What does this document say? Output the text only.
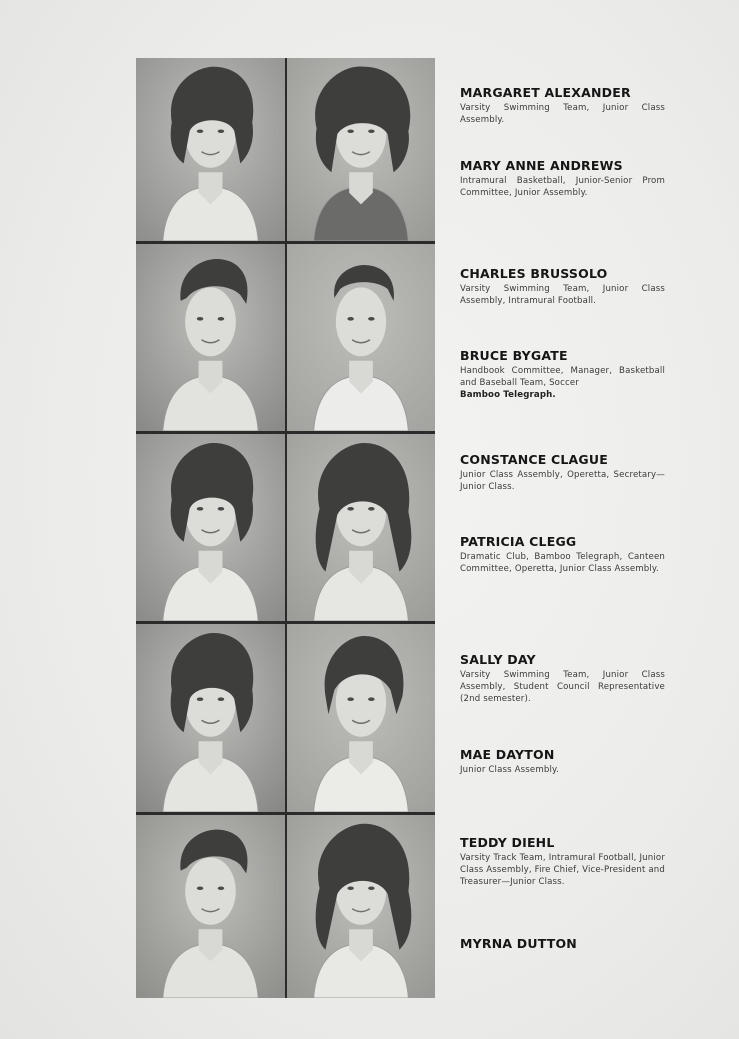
MARGARET ALEXANDER
Varsity Swimming Team, Junior Class Assembly.
MARY ANNE ANDREWS
Intramural Basketball, Junior-Senior Prom Committee, Junior Assembly.
CHARLES BRUSSOLO
Varsity Swimming Team, Junior Class Assembly, Intramural Football.
BRUCE BYGATE
Handbook Committee, Manager, Basketball and Baseball Team, Soccer
Bamboo Telegraph.
CONSTANCE CLAGUE
Junior Class Assembly, Operetta, Secretary—Junior Class.
PATRICIA CLEGG
Dramatic Club, Bamboo Telegraph, Canteen Committee, Operetta, Junior Class Assembly.
SALLY DAY
Varsity Swimming Team, Junior Class Assembly, Student Council Representative (2nd semester).
MAE DAYTON
Junior Class Assembly.
TEDDY DIEHL
Varsity Track Team, Intramural Football, Junior Class Assembly, Fire Chief, Vice-President and Treasurer—Junior Class.
MYRNA DUTTON
